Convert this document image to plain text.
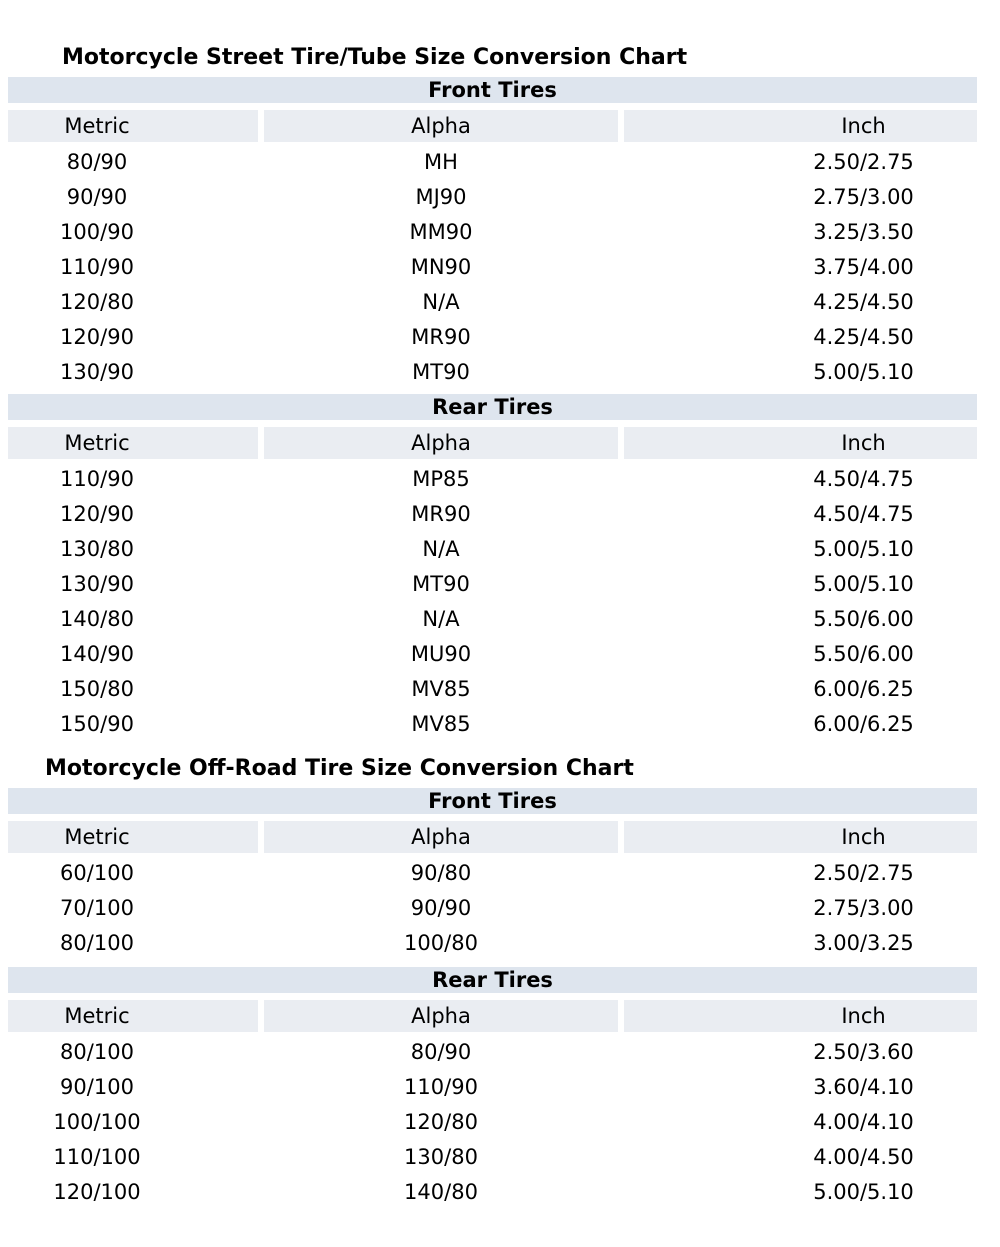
Motorcycle Street Tire/Tube Size Conversion Chart
Front Tires
Metric	Alpha	Inch
80/90	MH	2.50/2.75
90/90	MJ90	2.75/3.00
100/90	MM90	3.25/3.50
110/90	MN90	3.75/4.00
120/80	N/A	4.25/4.50
120/90	MR90	4.25/4.50
130/90	MT90	5.00/5.10
Rear Tires
Metric	Alpha	Inch
110/90	MP85	4.50/4.75
120/90	MR90	4.50/4.75
130/80	N/A	5.00/5.10
130/90	MT90	5.00/5.10
140/80	N/A	5.50/6.00
140/90	MU90	5.50/6.00
150/80	MV85	6.00/6.25
150/90	MV85	6.00/6.25
Motorcycle Off-Road Tire Size Conversion Chart
Front Tires
Metric	Alpha	Inch
60/100	90/80	2.50/2.75
70/100	90/90	2.75/3.00
80/100	100/80	3.00/3.25
Rear Tires
Metric	Alpha	Inch
80/100	80/90	2.50/3.60
90/100	110/90	3.60/4.10
100/100	120/80	4.00/4.10
110/100	130/80	4.00/4.50
120/100	140/80	5.00/5.10
